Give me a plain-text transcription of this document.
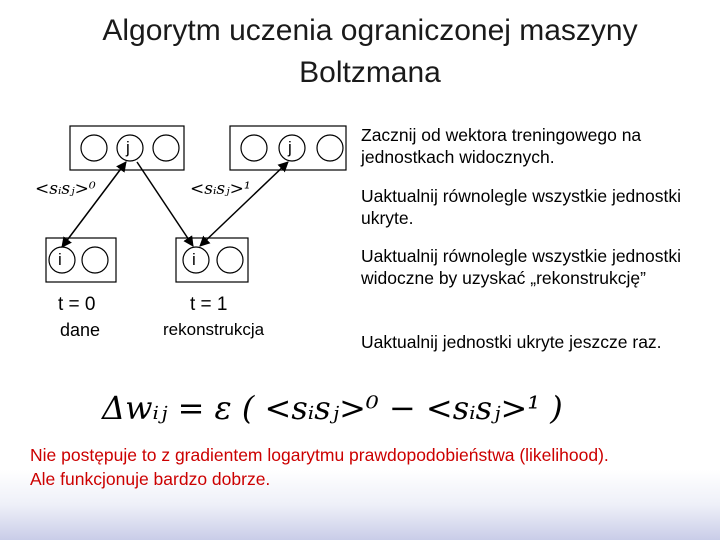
Algorytm uczenia ograniczonej maszyny
Boltzmana
j	j
i	i
<sᵢsⱼ>⁰	<sᵢsⱼ>¹
t = 0
dane
t = 1
rekonstrukcja
Zacznij od wektora treningowego na jednostkach widocznych.
Uaktualnij równolegle wszystkie jednostki ukryte.
Uaktualnij równolegle wszystkie jednostki widoczne by uzyskać „rekonstrukcję”
Uaktualnij jednostki ukryte jeszcze raz.
Δwᵢⱼ = ε ( <sᵢsⱼ>⁰ − <sᵢsⱼ>¹ )
Nie postępuje to z gradientem logarytmu prawdopodobieństwa (likelihood).
Ale funkcjonuje bardzo dobrze.
